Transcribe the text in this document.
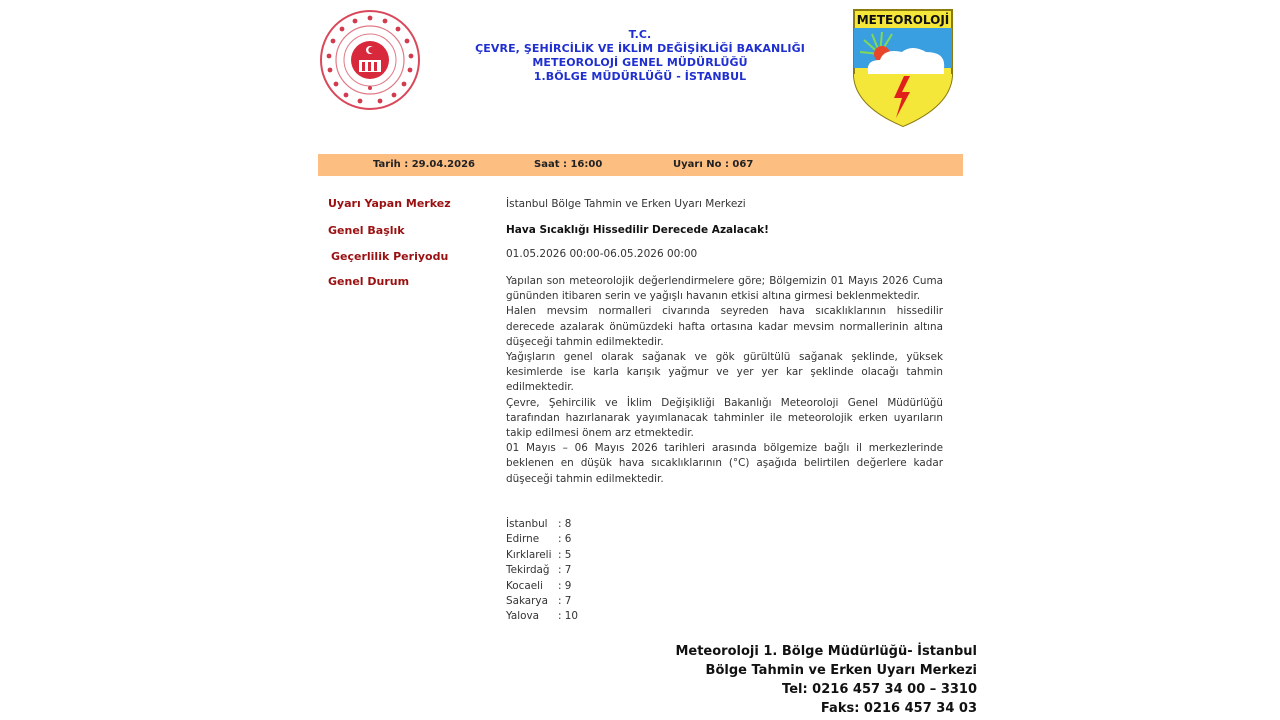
T.C.
ÇEVRE, ŞEHİRCİLİK VE İKLİM DEĞİŞİKLİĞİ BAKANLIĞI
METEOROLOJİ GENEL MÜDÜRLÜĞÜ
1.BÖLGE MÜDÜRLÜĞÜ - İSTANBUL
METEOROLOJİ
Tarih : 29.04.2026	Saat : 16:00	Uyarı No : 067
Uyarı Yapan Merkez	İstanbul Bölge Tahmin ve Erken Uyarı Merkezi
Genel Başlık	Hava Sıcaklığı Hissedilir Derecede Azalacak!
Geçerlilik Periyodu	01.05.2026 00:00-06.05.2026 00:00
Genel Durum	Yapılan son meteorolojik değerlendirmelere göre; Bölgemizin 01 Mayıs 2026 Cuma gününden itibaren serin ve yağışlı havanın etkisi altına girmesi beklenmektedir.

Halen mevsim normalleri civarında seyreden hava sıcaklıklarının hissedilir derecede azalarak önümüzdeki hafta ortasına kadar mevsim normallerinin altına düşeceği tahmin edilmektedir.

Yağışların genel olarak sağanak ve gök gürültülü sağanak şeklinde, yüksek kesimlerde ise karla karışık yağmur ve yer yer kar şeklinde olacağı tahmin edilmektedir.

Çevre, Şehircilik ve İklim Değişikliği Bakanlığı Meteoroloji Genel Müdürlüğü tarafından hazırlanarak yayımlanacak tahminler ile meteorolojik erken uyarıların takip edilmesi önem arz etmektedir.

01 Mayıs – 06 Mayıs 2026 tarihleri arasında bölgemize bağlı il merkezlerinde beklenen en düşük hava sıcaklıklarının (°C) aşağıda belirtilen değerlere kadar düşeceği tahmin edilmektedir.

İstanbul	: 8
Edirne	: 6
Kırklareli : 5
Tekirdağ : 7
Kocaeli	: 9
Sakarya : 7
Yalova	: 10
Meteoroloji 1. Bölge Müdürlüğü- İstanbul
Bölge Tahmin ve Erken Uyarı Merkezi
Tel: 0216 457 34 00 – 3310
Faks: 0216 457 34 03
